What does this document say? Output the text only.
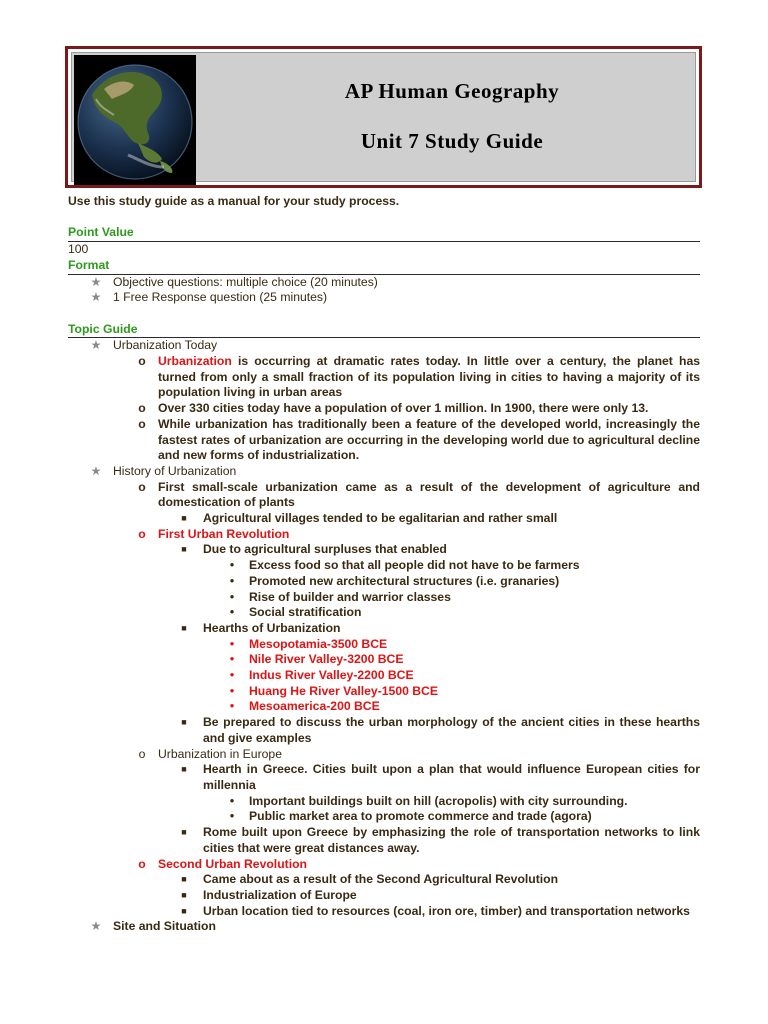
AP Human Geography
Unit 7 Study Guide

Use this study guide as a manual for your study process.

Point Value
100
Format
★ Objective questions: multiple choice (20 minutes)
★ 1 Free Response question (25 minutes)
Topic Guide
★ Urbanization Today
o Urbanization is occurring at dramatic rates today. In little over a century, the planet has turned from only a small fraction of its population living in cities to having a majority of its population living in urban areas
o Over 330 cities today have a population of over 1 million. In 1900, there were only 13.
o While urbanization has traditionally been a feature of the developed world, increasingly the fastest rates of urbanization are occurring in the developing world due to agricultural decline and new forms of industrialization.
★ History of Urbanization
o First small-scale urbanization came as a result of the development of agriculture and domestication of plants
■ Agricultural villages tended to be egalitarian and rather small
o First Urban Revolution
■ Due to agricultural surpluses that enabled
•	Excess food so that all people did not have to be farmers
•	Promoted new architectural structures (i.e. granaries)
•	Rise of builder and warrior classes
•	Social stratification
■ Hearths of Urbanization
•	Mesopotamia-3500 BCE
•	Nile River Valley-3200 BCE
•	Indus River Valley-2200 BCE
•	Huang He River Valley-1500 BCE
•	Mesoamerica-200 BCE
■ Be prepared to discuss the urban morphology of the ancient cities in these hearths and give examples
o Urbanization in Europe
■ Hearth in Greece. Cities built upon a plan that would influence European cities for millennia
•	Important buildings built on hill (acropolis) with city surrounding.
•	Public market area to promote commerce and trade (agora)
■ Rome built upon Greece by emphasizing the role of transportation networks to link cities that were great distances away.
o Second Urban Revolution
■ Came about as a result of the Second Agricultural Revolution
■ Industrialization of Europe
■ Urban location tied to resources (coal, iron ore, timber) and transportation networks
★ Site and Situation
